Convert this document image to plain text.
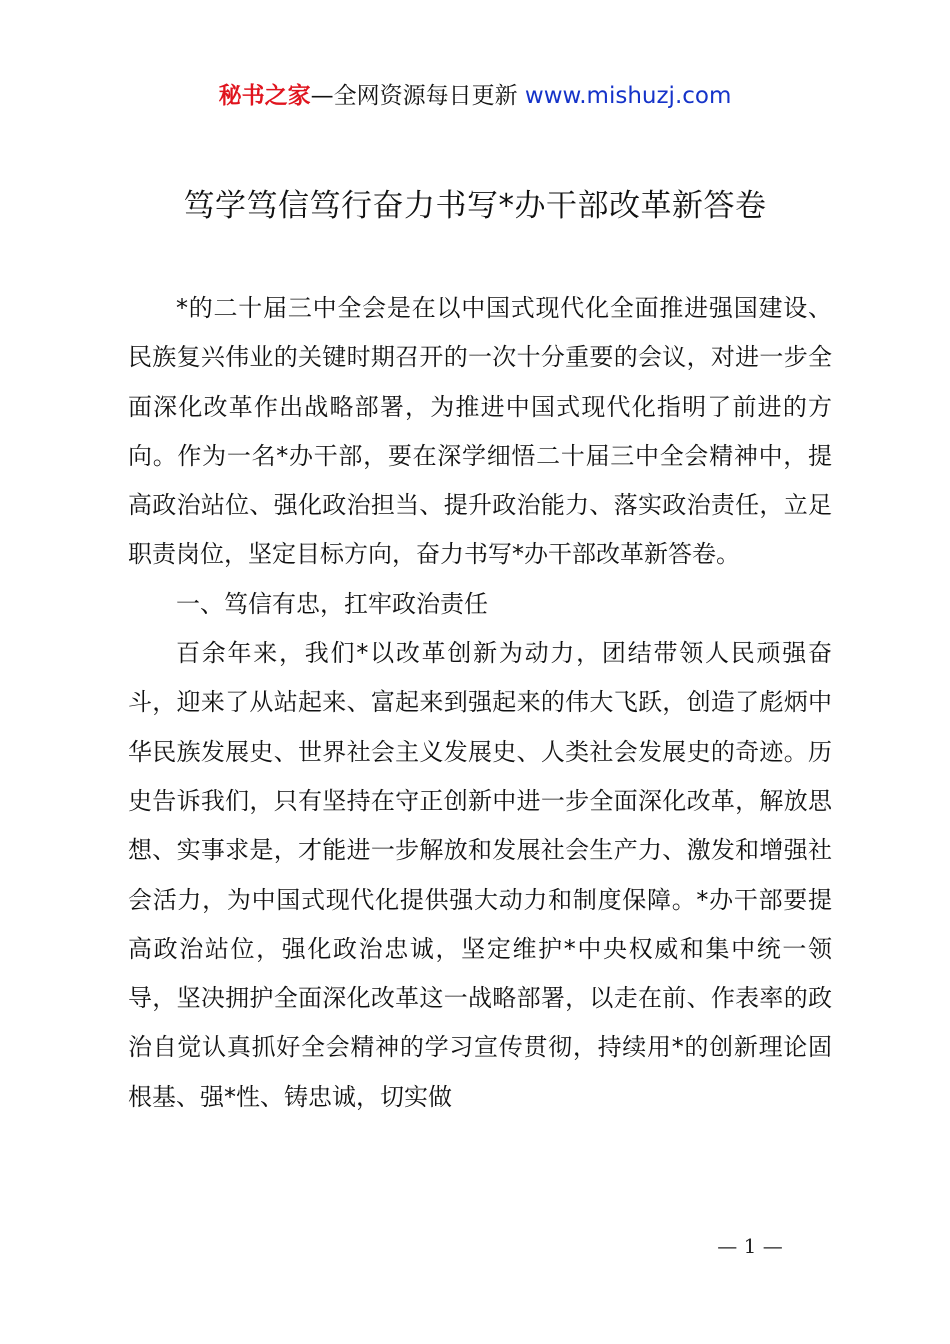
秘书之家—全网资源每日更新 www.mishuzj.com
笃学笃信笃行奋力书写*办干部改革新答卷

*的二十届三中全会是在以中国式现代化全面推进强国建设、民族复兴伟业的关键时期召开的一次十分重要的会议，对进一步全面深化改革作出战略部署，为推进中国式现代化指明了前进的方向。作为一名*办干部，要在深学细悟二十届三中全会精神中，提高政治站位、强化政治担当、提升政治能力、落实政治责任，立足职责岗位，坚定目标方向，奋力书写*办干部改革新答卷。

一、笃信有忠，扛牢政治责任

百余年来，我们*以改革创新为动力，团结带领人民顽强奋斗，迎来了从站起来、富起来到强起来的伟大飞跃，创造了彪炳中华民族发展史、世界社会主义发展史、人类社会发展史的奇迹。历史告诉我们，只有坚持在守正创新中进一步全面深化改革，解放思想、实事求是，才能进一步解放和发展社会生产力、激发和增强社会活力，为中国式现代化提供强大动力和制度保障。*办干部要提高政治站位，强化政治忠诚，坚定维护*中央权威和集中统一领导，坚决拥护全面深化改革这一战略部署，以走在前、作表率的政治自觉认真抓好全会精神的学习宣传贯彻，持续用*的创新理论固根基、强*性、铸忠诚，切实做

— 1 —
